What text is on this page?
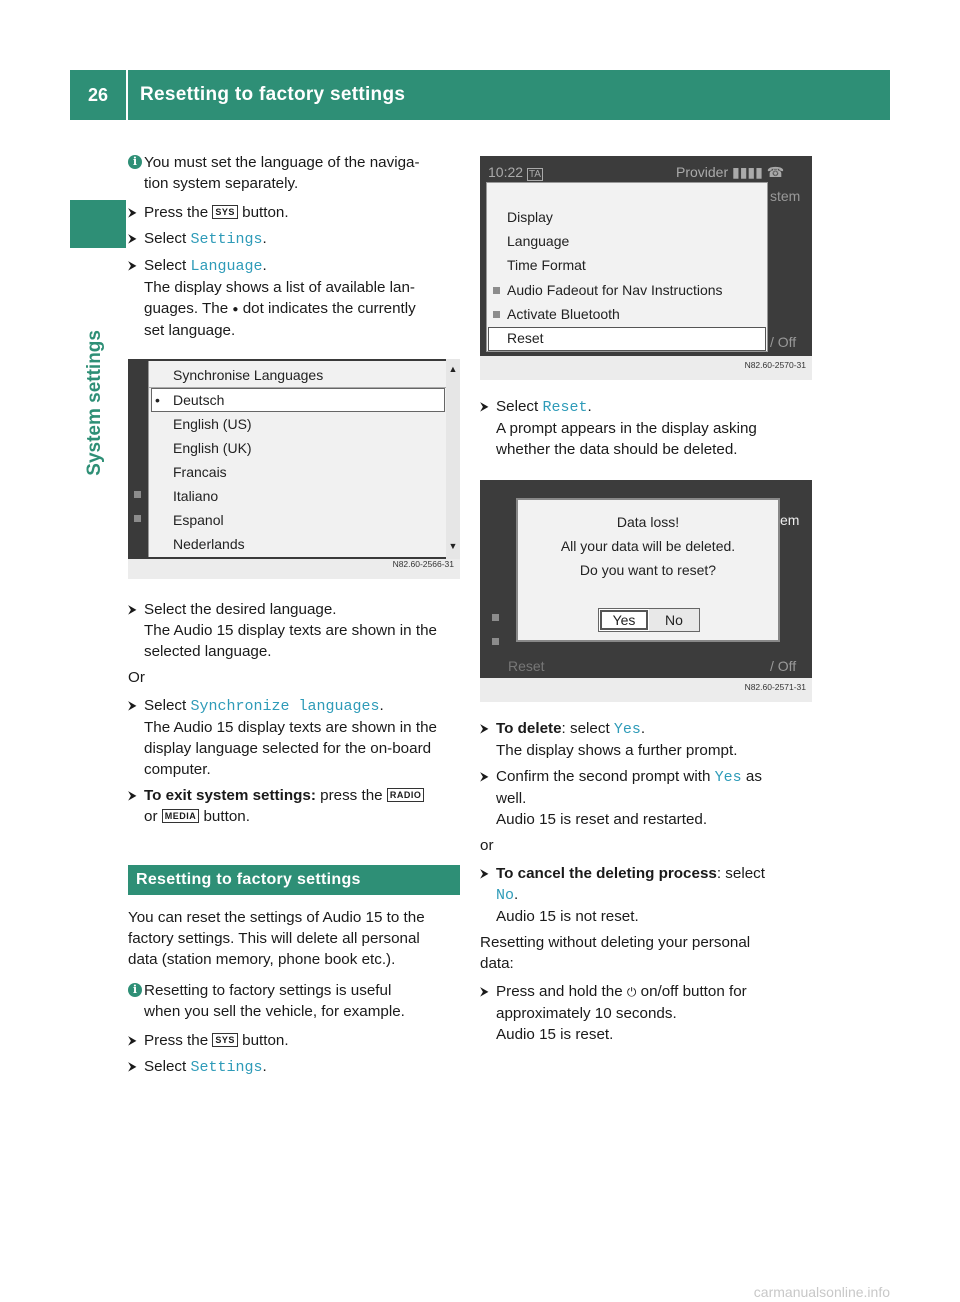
26	Resetting to factory settings
System settings
i You must set the language of the naviga-
tion system separately.
⮞ Press the SYS button.
⮞ Select Settings.
⮞ Select Language.
The display shows a list of available lan-
guages. The ● dot indicates the currently
set language.
Synchronise Languages
• Deutsch
English (US)
English (UK)
Francais
Italiano
Espanol
Nederlands
▲
▼
N82.60-2566-31
⮞ Select the desired language.
The Audio 15 display texts are shown in the
selected language.
Or
⮞ Select Synchronize languages.
The Audio 15 display texts are shown in the
display language selected for the on-board
computer.
⮞ To exit system settings: press the RADIO
or MEDIA button.
Resetting to factory settings
You can reset the settings of Audio 15 to the
factory settings. This will delete all personal
data (station memory, phone book etc.).
i Resetting to factory settings is useful
when you sell the vehicle, for example.
⮞ Press the SYS button.
⮞ Select Settings.
10:22 TA	Provider ▮▮▮▮ ☎
stem
/ Off
Display
Language
Time Format
Audio Fadeout for Nav Instructions
Activate Bluetooth
Reset
N82.60-2570-31
⮞ Select Reset.
A prompt appears in the display asking
whether the data should be deleted.
em
/ Off
Reset
Data loss!
All your data will be deleted.
Do you want to reset?
Yes	No
N82.60-2571-31
⮞ To delete: select Yes.
The display shows a further prompt.
⮞ Confirm the second prompt with Yes as
well.
Audio 15 is reset and restarted.
or
⮞ To cancel the deleting process: select
No.
Audio 15 is not reset.
Resetting without deleting your personal
data:
⮞ Press and hold the ⏻ on/off button for
approximately 10 seconds.
Audio 15 is reset.
carmanualsonline.info
